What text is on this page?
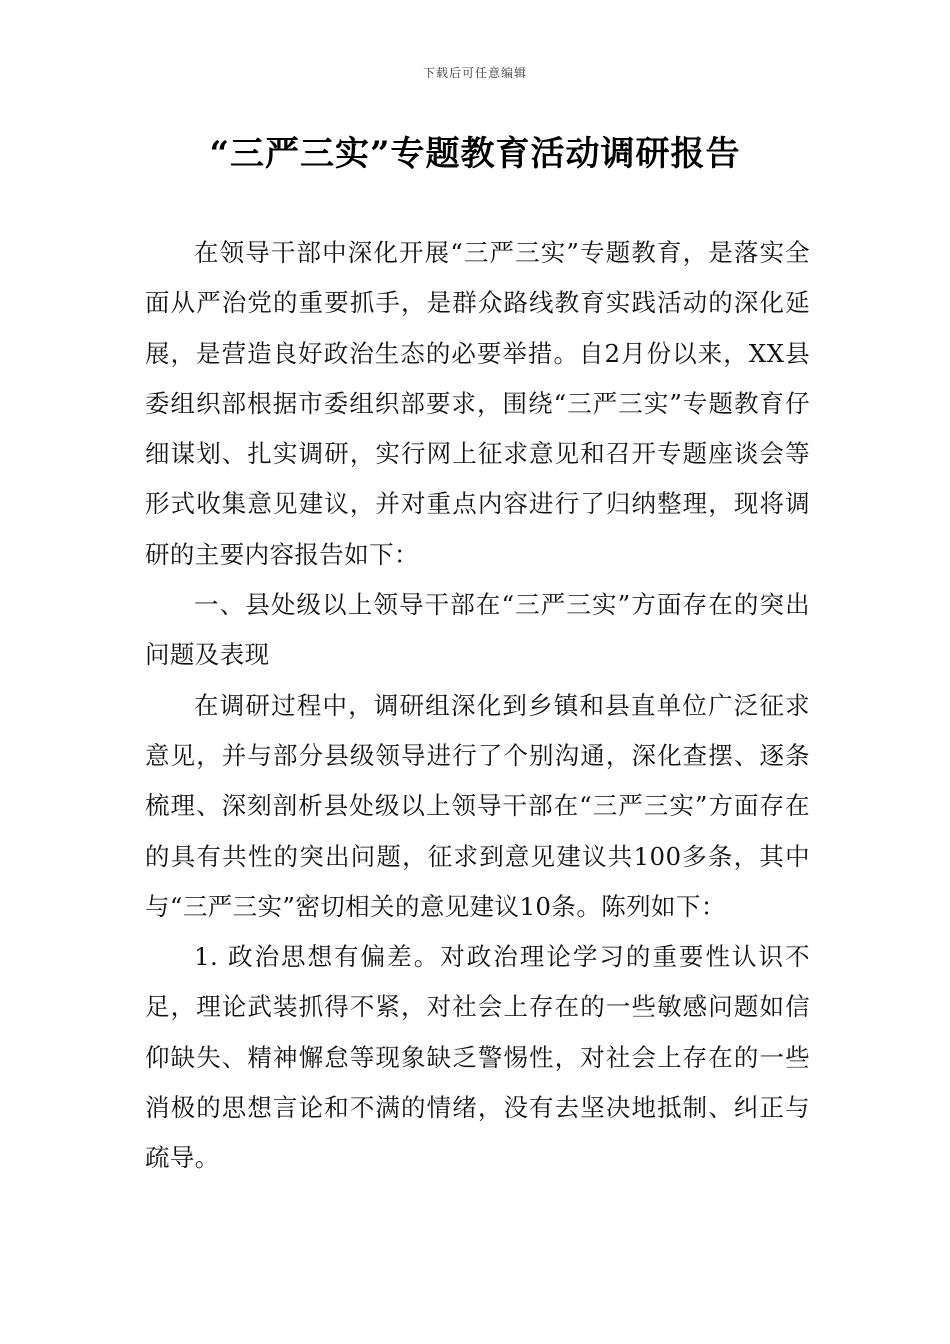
下载后可任意编辑
“三严三实”专题教育活动调研报告

在领导干部中深化开展“三严三实”专题教育，是落实全面从严治党的重要抓手，是群众路线教育实践活动的深化延展，是营造良好政治生态的必要举措。自2月份以来，XX县委组织部根据市委组织部要求，围绕“三严三实”专题教育仔细谋划、扎实调研，实行网上征求意见和召开专题座谈会等形式收集意见建议，并对重点内容进行了归纳整理，现将调研的主要内容报告如下：

一、县处级以上领导干部在“三严三实”方面存在的突出问题及表现

在调研过程中，调研组深化到乡镇和县直单位广泛征求意见，并与部分县级领导进行了个别沟通，深化查摆、逐条梳理、深刻剖析县处级以上领导干部在“三严三实”方面存在的具有共性的突出问题，征求到意见建议共100多条，其中与“三严三实”密切相关的意见建议10条。陈列如下：

1. 政治思想有偏差。对政治理论学习的重要性认识不足，理论武装抓得不紧，对社会上存在的一些敏感问题如信仰缺失、精神懈怠等现象缺乏警惕性，对社会上存在的一些消极的思想言论和不满的情绪，没有去坚决地抵制、纠正与疏导。
